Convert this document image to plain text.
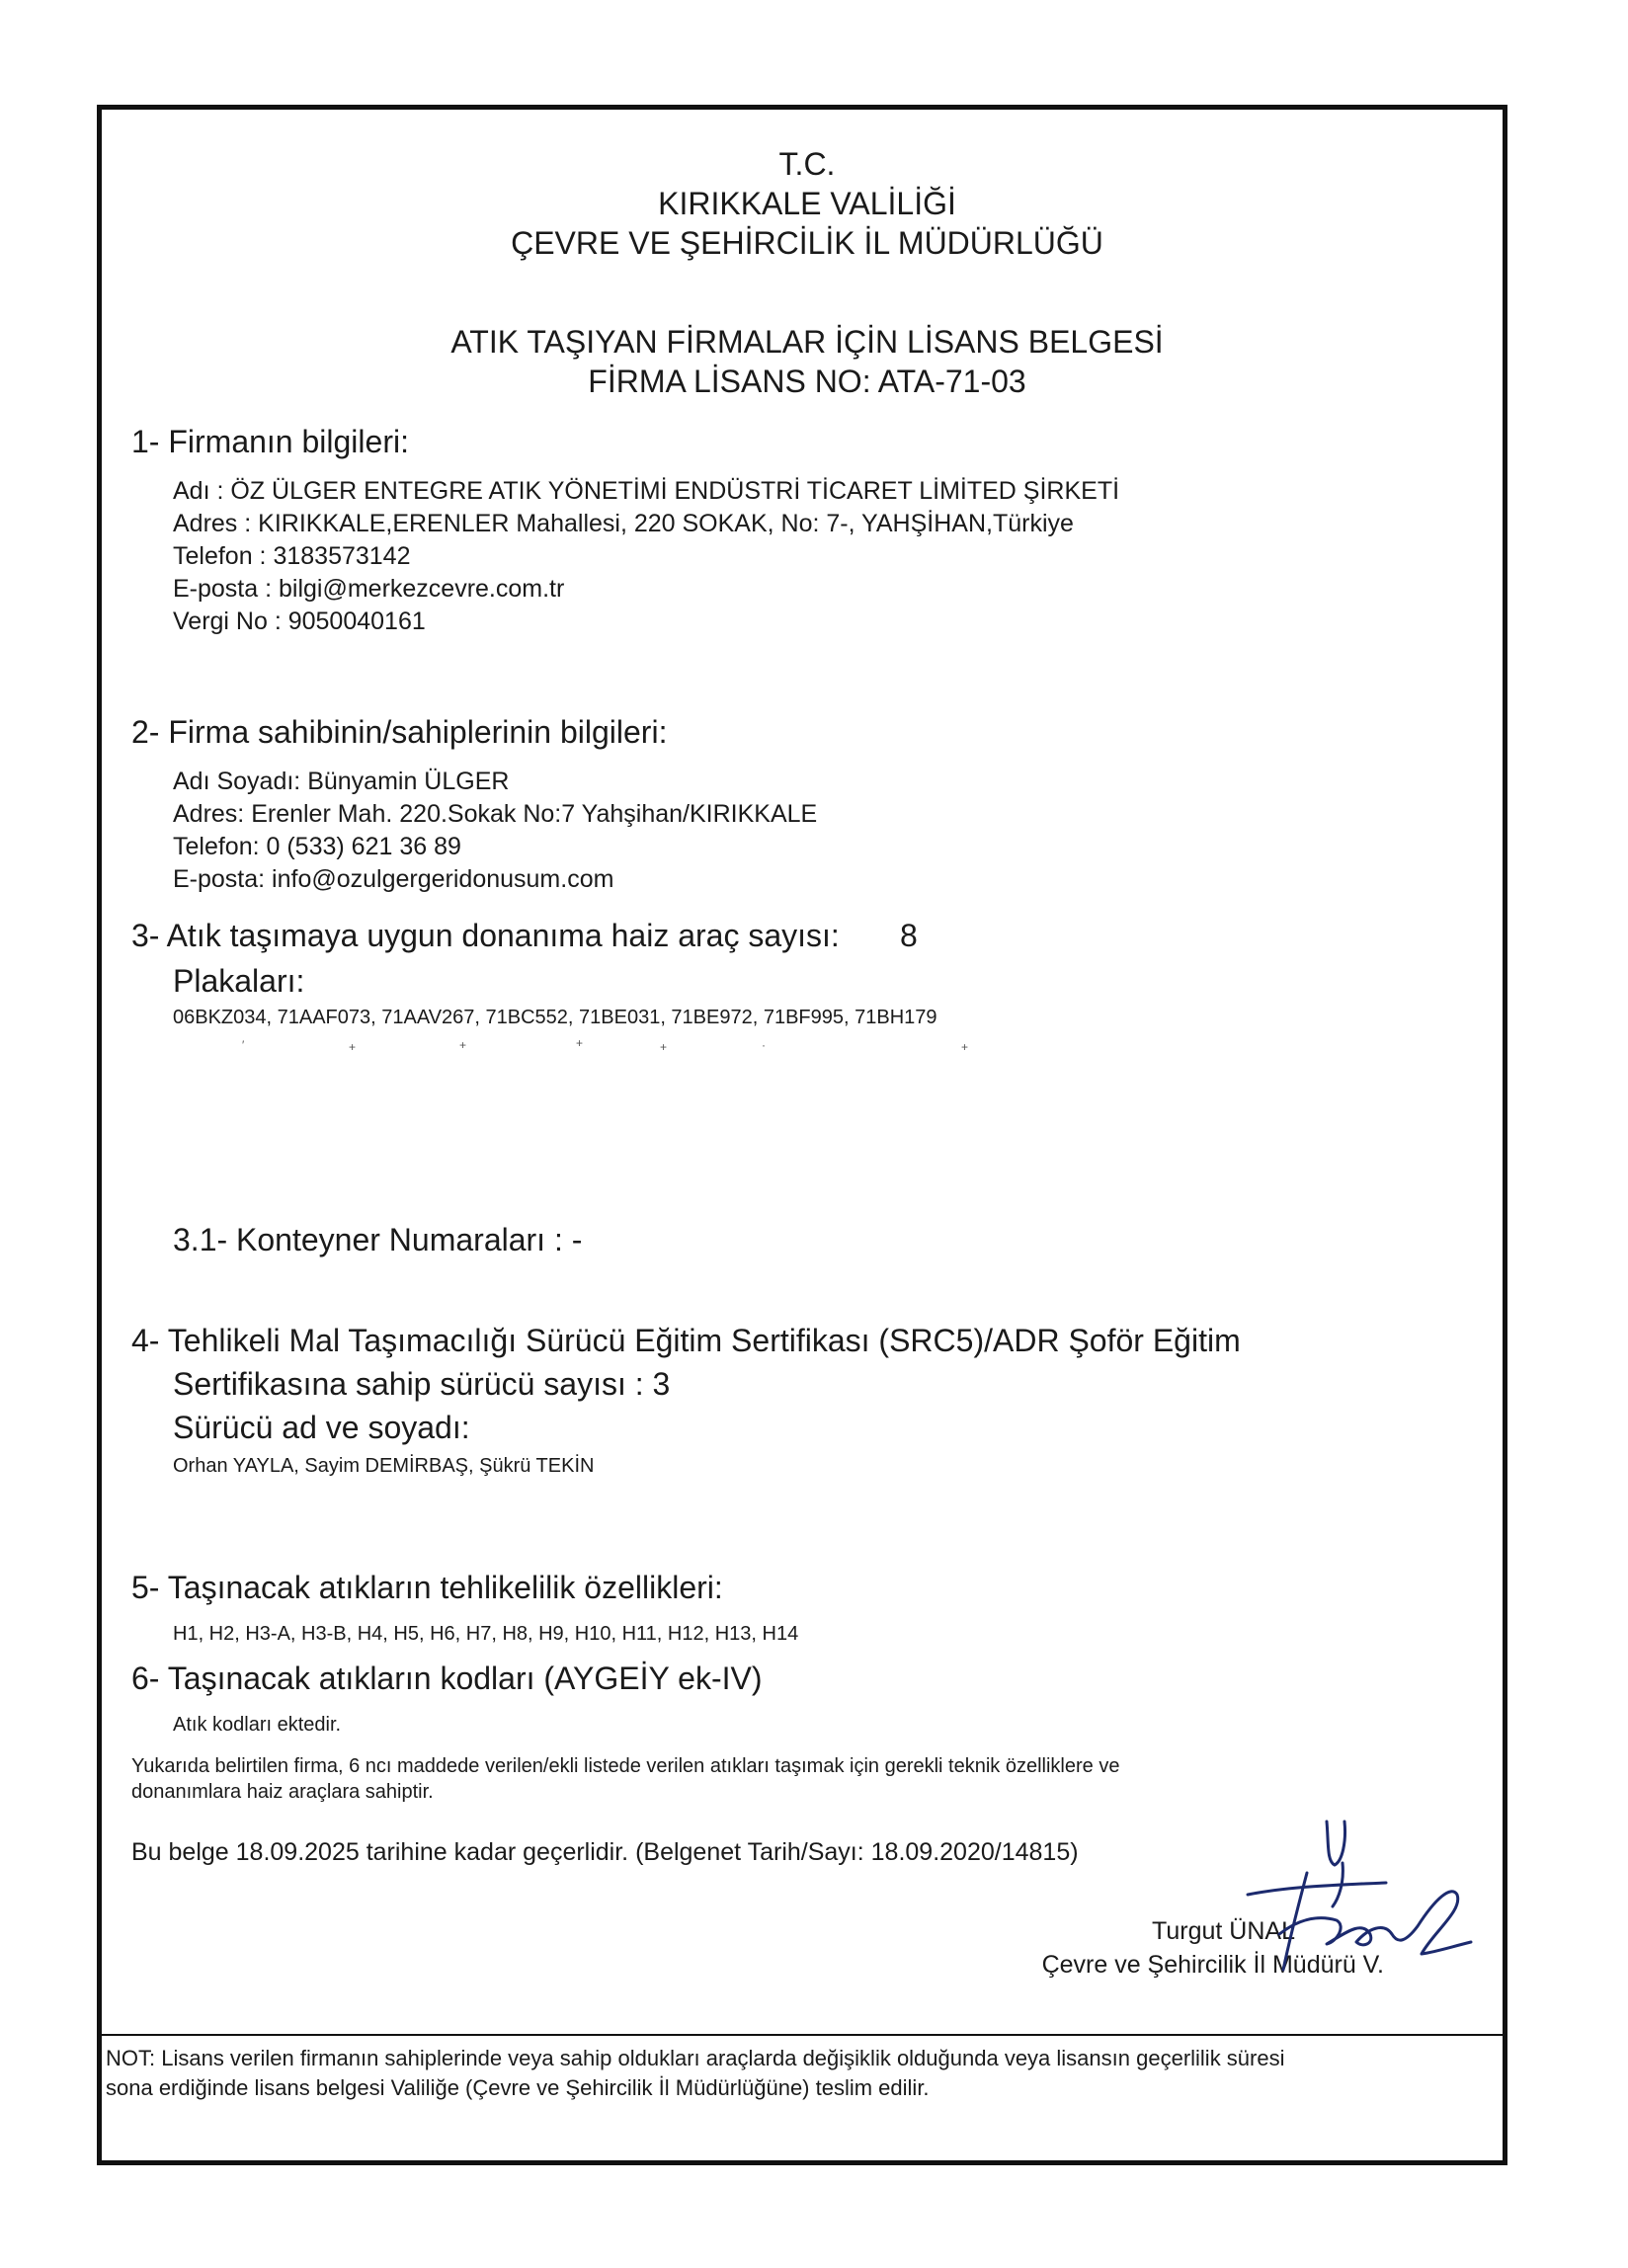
T.C.
KIRIKKALE VALİLİĞİ
ÇEVRE VE ŞEHİRCİLİK İL MÜDÜRLÜĞÜ
ATIK TAŞIYAN FİRMALAR İÇİN LİSANS BELGESİ
FİRMA LİSANS NO: ATA-71-03
1- Firmanın bilgileri:
Adı : ÖZ ÜLGER ENTEGRE ATIK YÖNETİMİ ENDÜSTRİ TİCARET LİMİTED ŞİRKETİ
Adres : KIRIKKALE,ERENLER Mahallesi, 220 SOKAK, No: 7-, YAHŞİHAN,Türkiye
Telefon : 3183573142
E-posta : bilgi@merkezcevre.com.tr
Vergi No : 9050040161
2- Firma sahibinin/sahiplerinin bilgileri:
Adı Soyadı: Bünyamin ÜLGER
Adres: Erenler Mah. 220.Sokak No:7 Yahşihan/KIRIKKALE
Telefon: 0 (533) 621 36 89
E-posta: info@ozulgergeridonusum.com
3- Atık taşımaya uygun donanıma haiz araç sayısı: 8
Plakaları:
06BKZ034, 71AAF073, 71AAV267, 71BC552, 71BE031, 71BE972, 71BF995, 71BH179
′	+	+	+	+	·	+
3.1- Konteyner Numaraları : -
4- Tehlikeli Mal Taşımacılığı Sürücü Eğitim Sertifikası (SRC5)/ADR Şoför Eğitim
Sertifikasına sahip sürücü sayısı : 3
Sürücü ad ve soyadı:
Orhan YAYLA, Sayim DEMİRBAŞ, Şükrü TEKİN
5- Taşınacak atıkların tehlikelilik özellikleri:
H1, H2, H3-A, H3-B, H4, H5, H6, H7, H8, H9, H10, H11, H12, H13, H14
6- Taşınacak atıkların kodları (AYGEİY ek-IV)
Atık kodları ektedir.
Yukarıda belirtilen firma, 6 ncı maddede verilen/ekli listede verilen atıkları taşımak için gerekli teknik özelliklere ve
donanımlara haiz araçlara sahiptir.
Bu belge 18.09.2025 tarihine kadar geçerlidir. (Belgenet Tarih/Sayı: 18.09.2020/14815)
Turgut ÜNAL
Çevre ve Şehircilik İl Müdürü V.
NOT: Lisans verilen firmanın sahiplerinde veya sahip oldukları araçlarda değişiklik olduğunda veya lisansın geçerlilik süresi
sona erdiğinde lisans belgesi Valiliğe (Çevre ve Şehircilik İl Müdürlüğüne) teslim edilir.
